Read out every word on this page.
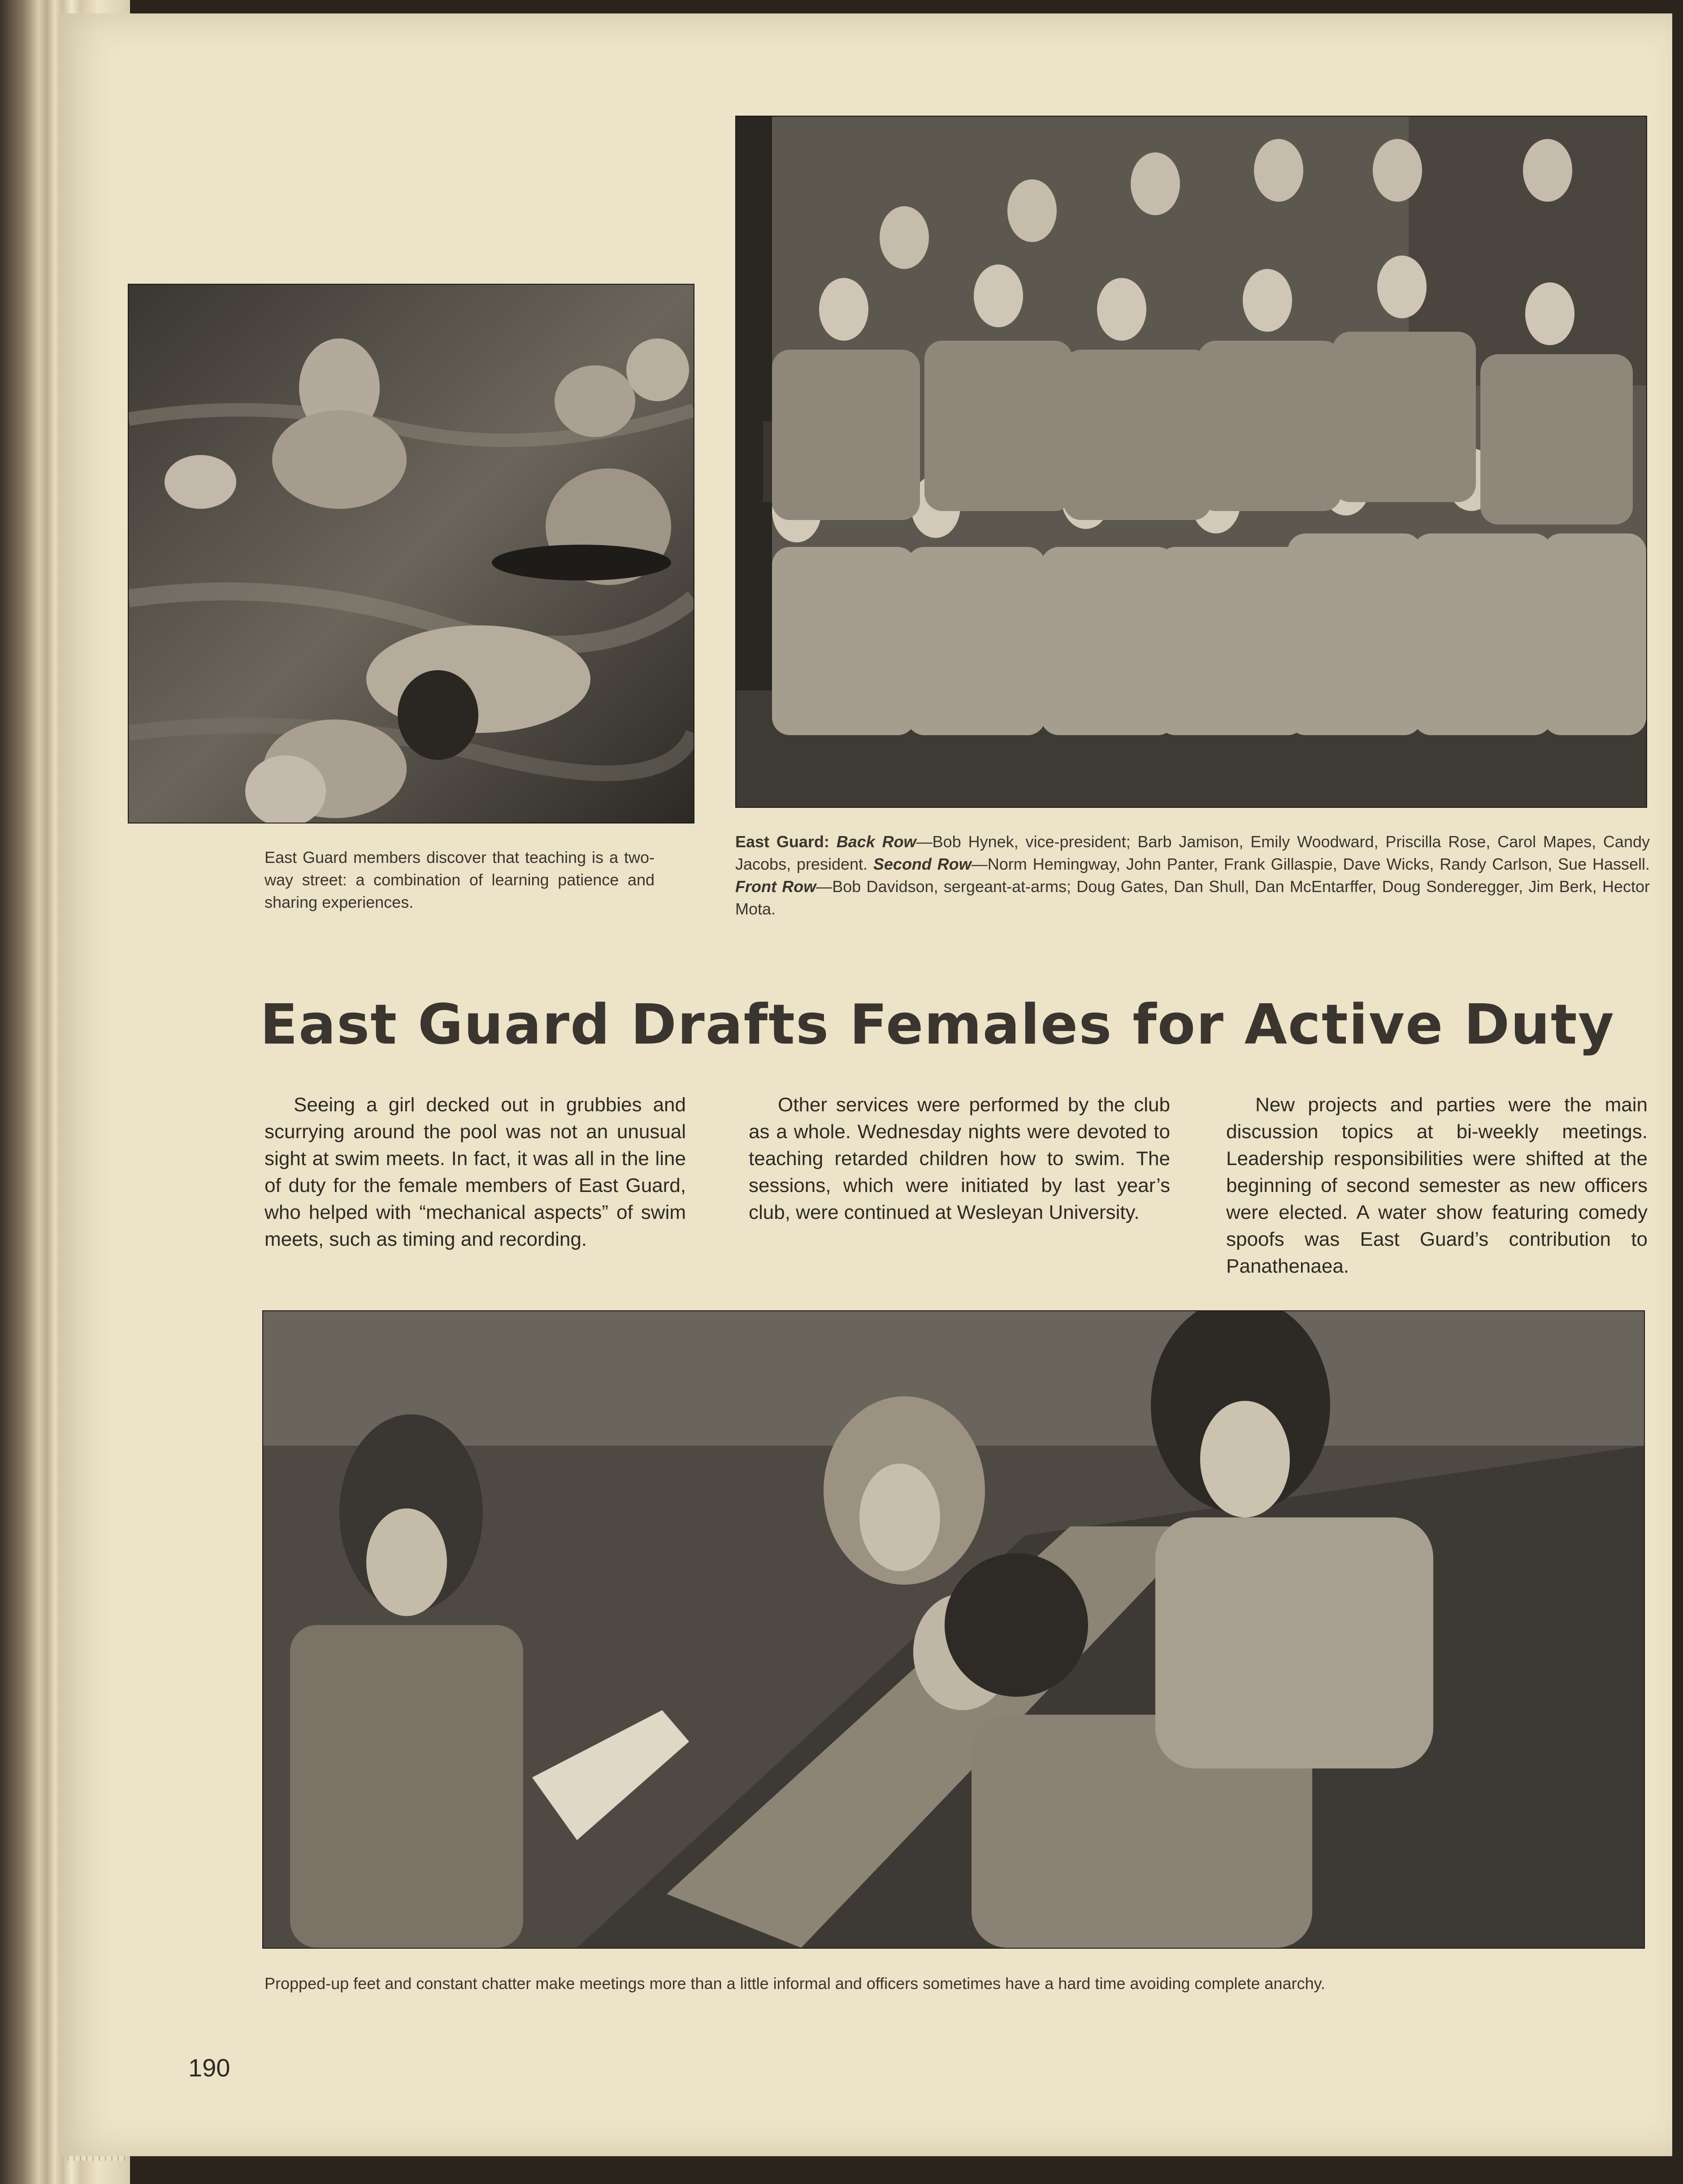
East Guard members discover that teaching is a two-way street: a combination of learning patience and sharing experiences.
East Guard: Back Row—Bob Hynek, vice-president; Barb Jamison, Emily Woodward, Priscilla Rose, Carol Mapes, Candy Jacobs, president. Second Row—Norm Hemingway, John Panter, Frank Gillaspie, Dave Wicks, Randy Carlson, Sue Hassell. Front Row—Bob Davidson, sergeant-at-arms; Doug Gates, Dan Shull, Dan McEntarffer, Doug Sonderegger, Jim Berk, Hector Mota.
East Guard Drafts Females for Active Duty
Seeing a girl decked out in grubbies and scurrying around the pool was not an unusual sight at swim meets. In fact, it was all in the line of duty for the female members of East Guard, who helped with “mechanical aspects” of swim meets, such as timing and recording.
Other services were performed by the club as a whole. Wednesday nights were devoted to teaching retarded children how to swim. The sessions, which were initiated by last year’s club, were continued at Wesleyan University.
New projects and parties were the main discussion topics at bi-weekly meetings. Leadership responsibilities were shifted at the beginning of second semester as new officers were elected. A water show featuring comedy spoofs was East Guard’s contribution to Panathenaea.
Propped-up feet and constant chatter make meetings more than a little informal and officers sometimes have a hard time avoiding complete anarchy.
190
